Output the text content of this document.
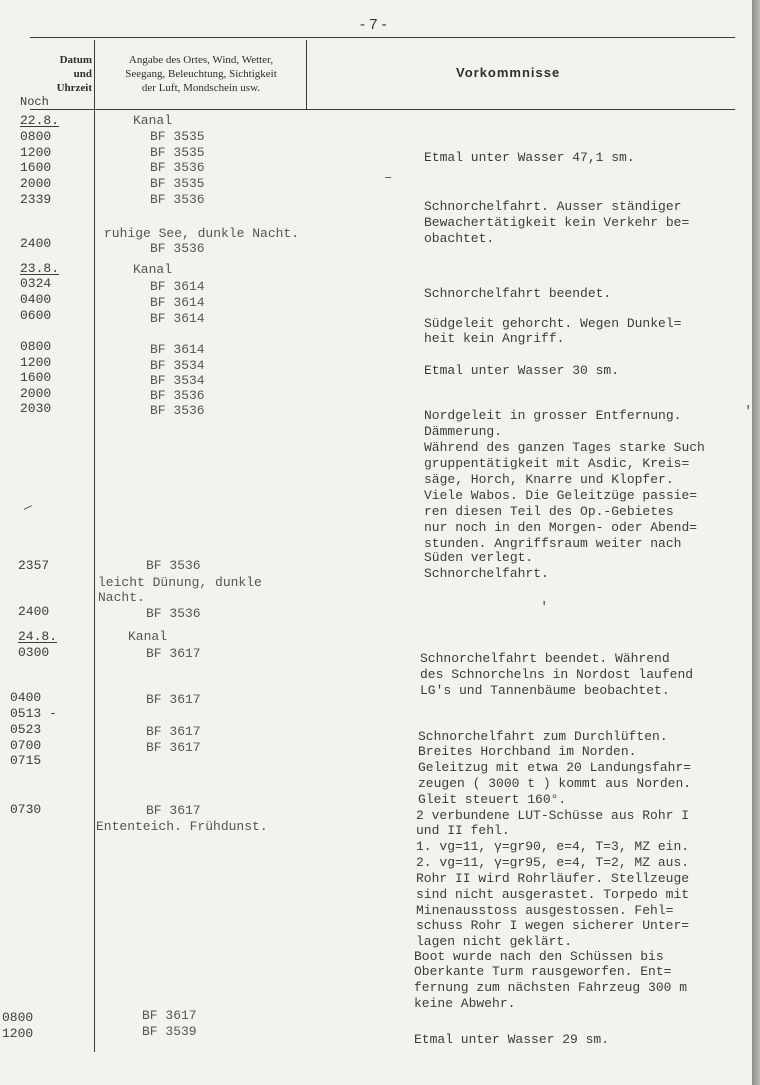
- 7 -
Datum
und
Uhrzeit
Angabe des Ortes, Wind, Wetter,
Seegang, Beleuchtung, Sichtigkeit
der Luft, Mondschein usw.
Vorkommnisse
Noch
22.8.
0800
1200
1600
2000
2339
2400
23.8.
0324
0400
0600
0800
1200
1600
2000
2030
2357
2400
24.8.
0300
0400
0513 -
0523
0700
0715
0730
0800
1200
Kanal
BF 3535
BF 3535
BF 3536
BF 3535
BF 3536
ruhige See, dunkle Nacht.
BF 3536
Kanal
BF 3614
BF 3614
BF 3614
BF 3614
BF 3534
BF 3534
BF 3536
BF 3536
BF 3536
leicht Dünung, dunkle
Nacht.
BF 3536
Kanal
BF 3617
BF 3617
BF 3617
BF 3617
BF 3617
Ententeich. Frühdunst.
BF 3617
BF 3539
Etmal unter Wasser 47,1 sm.
Schnorchelfahrt. Ausser ständiger
Bewachertätigkeit kein Verkehr be=
obachtet.
Schnorchelfahrt beendet.
Südgeleit gehorcht. Wegen Dunkel=
heit kein Angriff.
Etmal unter Wasser 30 sm.
Nordgeleit in grosser Entfernung.
Dämmerung.
Während des ganzen Tages starke Such
gruppentätigkeit mit Asdic, Kreis=
säge, Horch, Knarre und Klopfer.
Viele Wabos. Die Geleitzüge passie=
ren diesen Teil des Op.-Gebietes
nur noch in den Morgen- oder Abend=
stunden. Angriffsraum weiter nach
Süden verlegt.
Schnorchelfahrt.
Schnorchelfahrt beendet. Während
des Schnorchelns in Nordost laufend
LG's und Tannenbäume beobachtet.
Schnorchelfahrt zum Durchlüften.
Breites Horchband im Norden.
Geleitzug mit etwa 20 Landungsfahr=
zeugen ( 3000 t ) kommt aus Norden.
Gleit steuert 160°.
2 verbundene LUT-Schüsse aus Rohr I
und II fehl.
1. vg=11, γ=gr90, e=4, T=3, MZ ein.
2. vg=11, γ=gr95, e=4, T=2, MZ aus.
Rohr II wird Rohrläufer. Stellzeuge
sind nicht ausgerastet. Torpedo mit
Minenausstoss ausgestossen. Fehl=
schuss Rohr I wegen sicherer Unter=
lagen nicht geklärt.
Boot wurde nach den Schüssen bis
Oberkante Turm rausgeworfen. Ent=
fernung zum nächsten Fahrzeug 300 m
keine Abwehr.
Etmal unter Wasser 29 sm.
–
—
'
'
